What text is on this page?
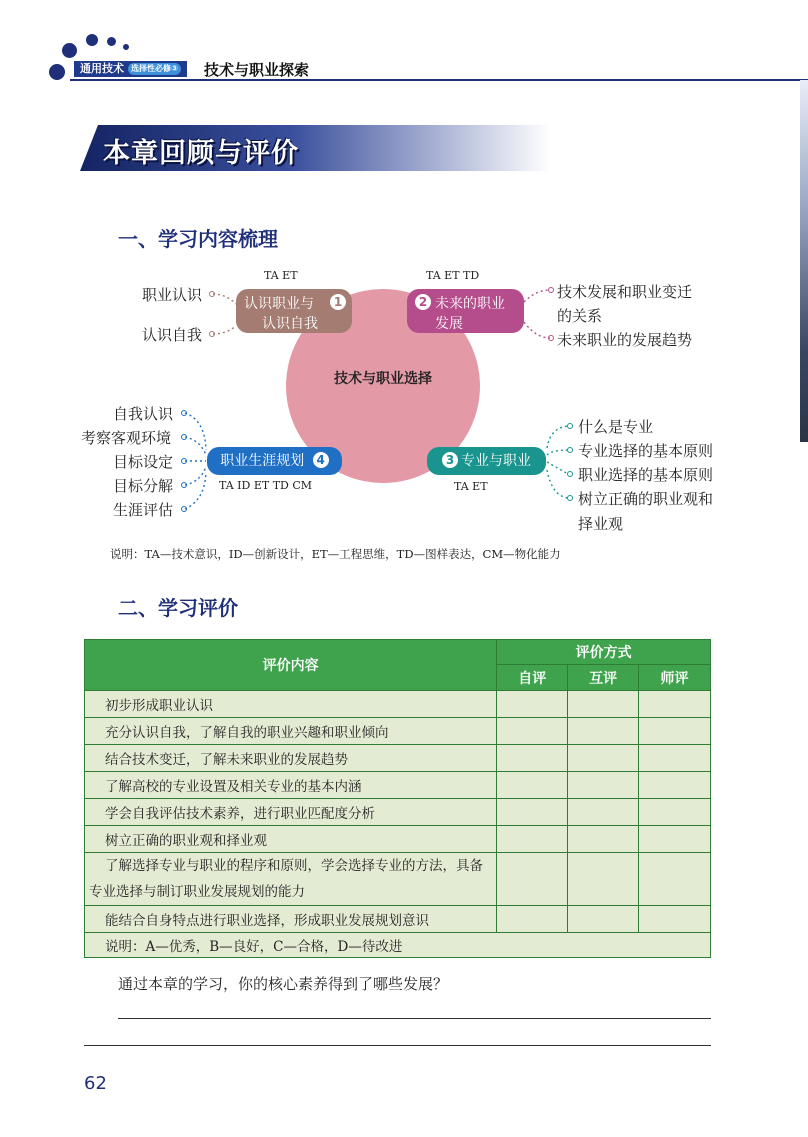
通用技术 选择性必修③	技术与职业探索
本章回顾与评价
一、学习内容梳理
技术与职业选择
TA ET
认识职业与
认识自我
1
职业认识
认识自我
TA ET TD
2 未来的职业
发展
技术发展和职业变迁
的关系
未来职业的发展趋势
职业生涯规划 4
TA ID ET TD CM
自我认识
考察客观环境
目标设定
目标分解
生涯评估
3 专业与职业
TA ET
什么是专业
专业选择的基本原则
职业选择的基本原则
树立正确的职业观和
择业观
说明：TA—技术意识，ID—创新设计，ET—工程思维，TD—图样表达，CM—物化能力
二、学习评价
评价内容	评价方式		
	自评	互评	师评
初步形成职业认识			
充分认识自我，了解自我的职业兴趣和职业倾向			
结合技术变迁，了解未来职业的发展趋势			
了解高校的专业设置及相关专业的基本内涵			
学会自我评估技术素养，进行职业匹配度分析			
树立正确的职业观和择业观			
了解选择专业与职业的程序和原则，学会选择专业的方法，具备专业选择与制订职业发展规划的能力			
能结合自身特点进行职业选择，形成职业发展规划意识			
说明：A—优秀，B—良好，C—合格，D—待改进			
通过本章的学习，你的核心素养得到了哪些发展？
62
